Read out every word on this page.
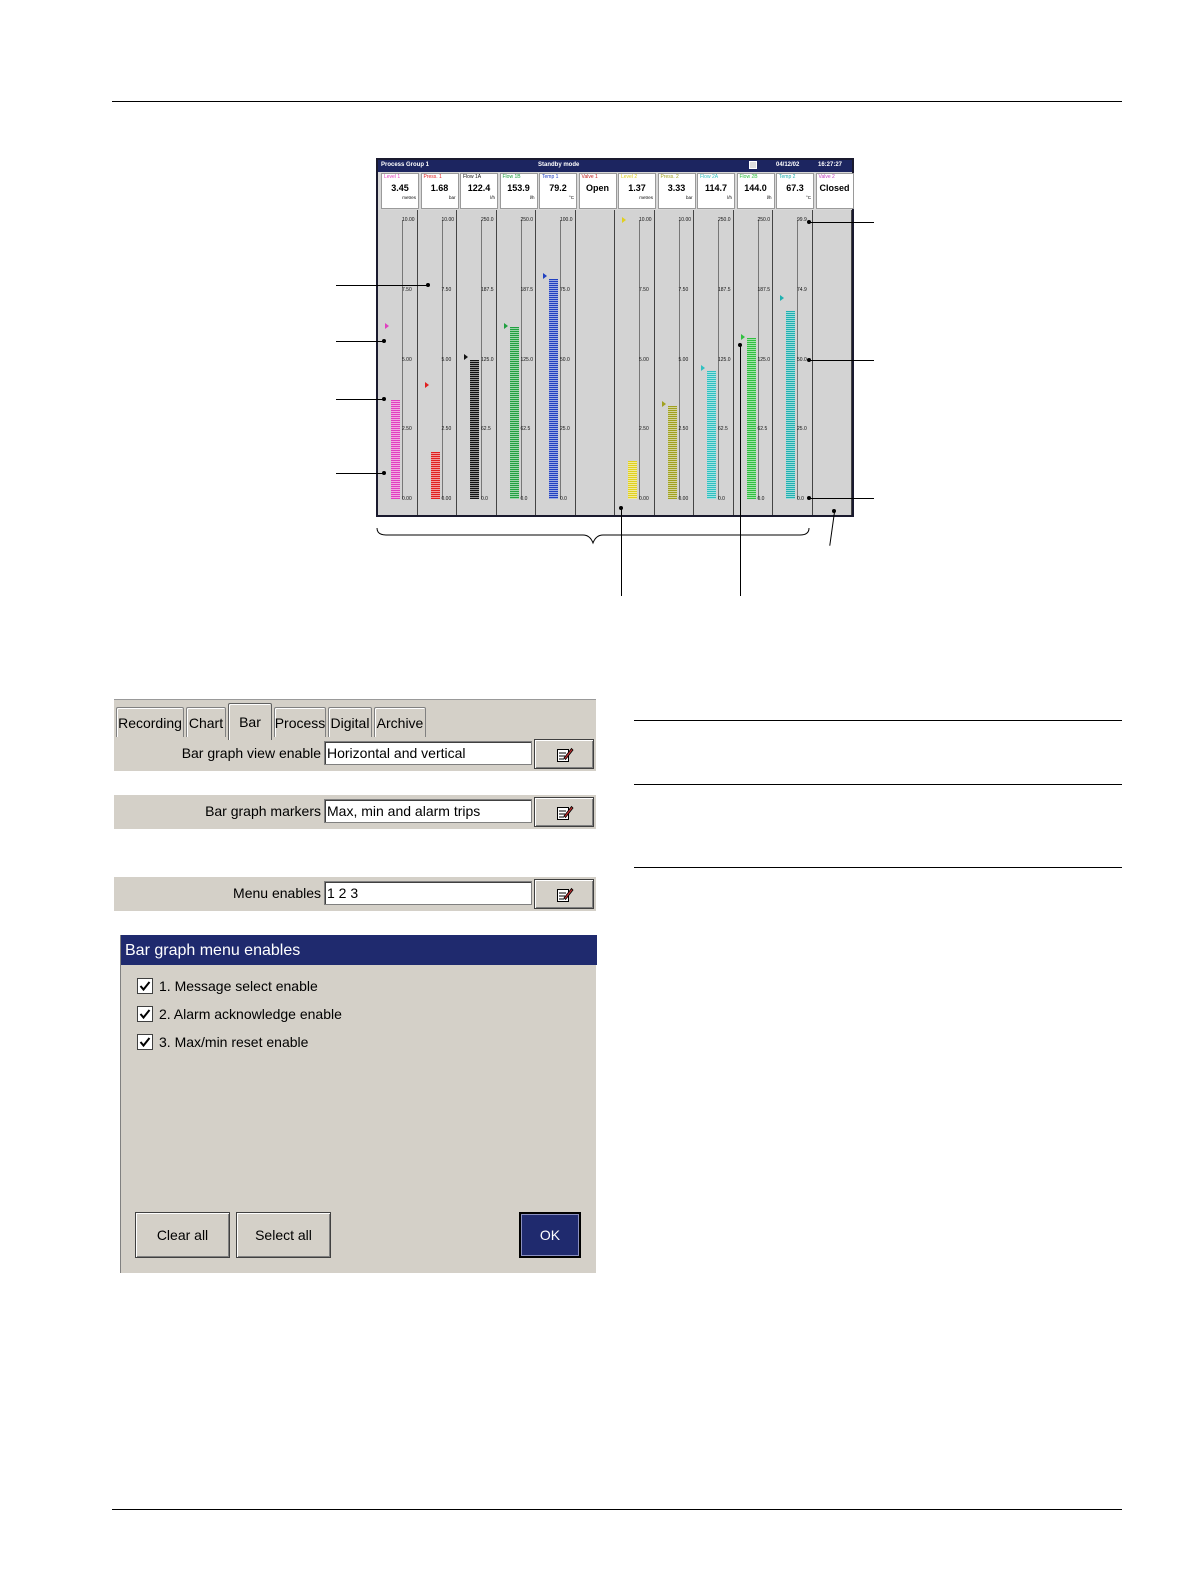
Process Group 1	Standby mode	04/12/02	16:27:27
Level 1
3.45
metres
Press. 1
1.68
bar
Flow 1A
122.4
l/h
Flow 1B
153.9
l/h
Temp 1
79.2
°C
Valve 1
Open
Level 2
1.37
metres
Press. 2
3.33
bar
Flow 2A
114.7
l/h
Flow 2B
144.0
l/h
Temp 2
67.3
°C
Valve 2
Closed
10.00
7.50
5.00
2.50
0.00
10.00
7.50
5.00
2.50
0.00
250.0
187.5
125.0
62.5
0.0
250.0
187.5
125.0
62.5
0.0
100.0
75.0
50.0
25.0
0.0
10.00
7.50
5.00
2.50
0.00
10.00
7.50
5.00
2.50
0.00
250.0
187.5
125.0
62.5
0.0
250.0
187.5
125.0
62.5
0.0
99.9
74.9
50.0
25.0
0.0
Recording Chart	Bar Process Digital Archive
Bar graph view enable Horizontal and vertical
Bar graph markers Max, min and alarm trips
Menu enables 1 2 3
Bar graph menu enables
1. Message select enable
2. Alarm acknowledge enable
3. Max/min reset enable
Clear all	Select all	OK
